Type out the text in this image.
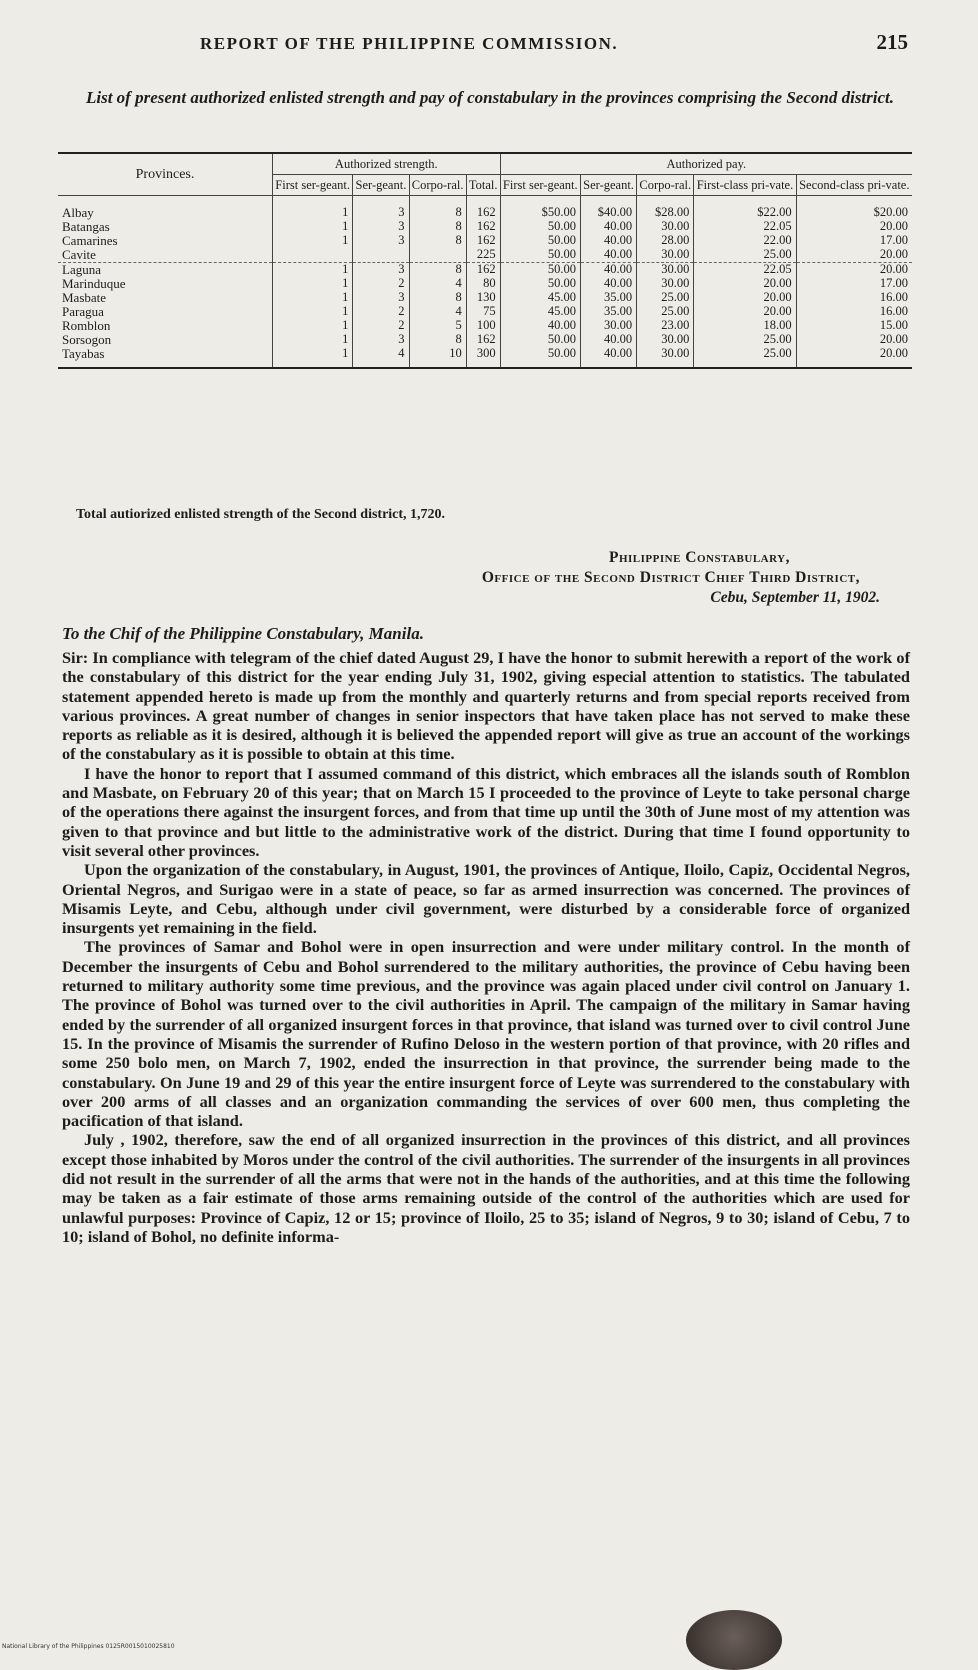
REPORT OF THE PHILIPPINE COMMISSION.	215
List of present authorized enlisted strength and pay of constabulary in the provinces comprising the Second district.
Provinces.	Authorized strength.				Authorized pay.				
	First ser-geant.	Ser-geant.	Corpo-ral.	Total.	First ser-geant.	Ser-geant.	Corpo-ral.	First-class pri-vate.	Second-class pri-vate.
Albay	1	3	8	162	$50.00	$40.00	$28.00	$22.00	$20.00
Batangas	1	3	8	162	50.00	40.00	30.00	22.05	20.00
Camarines	1	3	8	162	50.00	40.00	28.00	22.00	17.00
Cavite				225	50.00	40.00	30.00	25.00	20.00
Laguna	1	3	8	162	50.00	40.00	30.00	22.05	20.00
Marinduque	1	2	4	80	50.00	40.00	30.00	20.00	17.00
Masbate	1	3	8	130	45.00	35.00	25.00	20.00	16.00
Paragua	1	2	4	75	45.00	35.00	25.00	20.00	16.00
Romblon	1	2	5	100	40.00	30.00	23.00	18.00	15.00
Sorsogon	1	3	8	162	50.00	40.00	30.00	25.00	20.00
Tayabas	1	4	10	300	50.00	40.00	30.00	25.00	20.00
Total autiorized enlisted strength of the Second district, 1,720.
Philippine Constabulary,
Office of the Second District Chief Third District,
Cebu, September 11, 1902.
To the Chif of the Philippine Constabulary, Manila.

Sir: In compliance with telegram of the chief dated August 29, I have the honor to submit herewith a report of the work of the constabulary of this district for the year ending July 31, 1902, giving especial attention to statistics. The tabulated statement appended hereto is made up from the monthly and quarterly returns and from special reports received from various provinces. A great number of changes in senior inspectors that have taken place has not served to make these reports as reliable as it is desired, although it is believed the appended report will give as true an account of the workings of the constabulary as it is possible to obtain at this time.

I have the honor to report that I assumed command of this district, which embraces all the islands south of Romblon and Masbate, on February 20 of this year; that on March 15 I proceeded to the province of Leyte to take personal charge of the operations there against the insurgent forces, and from that time up until the 30th of June most of my attention was given to that province and but little to the administrative work of the district. During that time I found opportunity to visit several other provinces.

Upon the organization of the constabulary, in August, 1901, the provinces of Antique, Iloilo, Capiz, Occidental Negros, Oriental Negros, and Surigao were in a state of peace, so far as armed insurrection was concerned. The provinces of Misamis Leyte, and Cebu, although under civil government, were disturbed by a considerable force of organized insurgents yet remaining in the field.

The provinces of Samar and Bohol were in open insurrection and were under military control. In the month of December the insurgents of Cebu and Bohol surrendered to the military authorities, the province of Cebu having been returned to military authority some time previous, and the province was again placed under civil control on January 1. The province of Bohol was turned over to the civil authorities in April. The campaign of the military in Samar having ended by the surrender of all organized insurgent forces in that province, that island was turned over to civil control June 15. In the province of Misamis the surrender of Rufino Deloso in the western portion of that province, with 20 rifles and some 250 bolo men, on March 7, 1902, ended the insurrection in that province, the surrender being made to the constabulary. On June 19 and 29 of this year the entire insurgent force of Leyte was surrendered to the constabulary with over 200 arms of all classes and an organization commanding the services of over 600 men, thus completing the pacification of that island.

July , 1902, therefore, saw the end of all organized insurrection in the provinces of this district, and all provinces except those inhabited by Moros under the control of the civil authorities. The surrender of the insurgents in all provinces did not result in the surrender of all the arms that were not in the hands of the authorities, and at this time the following may be taken as a fair estimate of those arms remaining outside of the control of the authorities which are used for unlawful purposes: Province of Capiz, 12 or 15; province of Iloilo, 25 to 35; island of Negros, 9 to 30; island of Cebu, 7 to 10; island of Bohol, no definite informa-

National Library of the Philippines 0125R0015010025810
